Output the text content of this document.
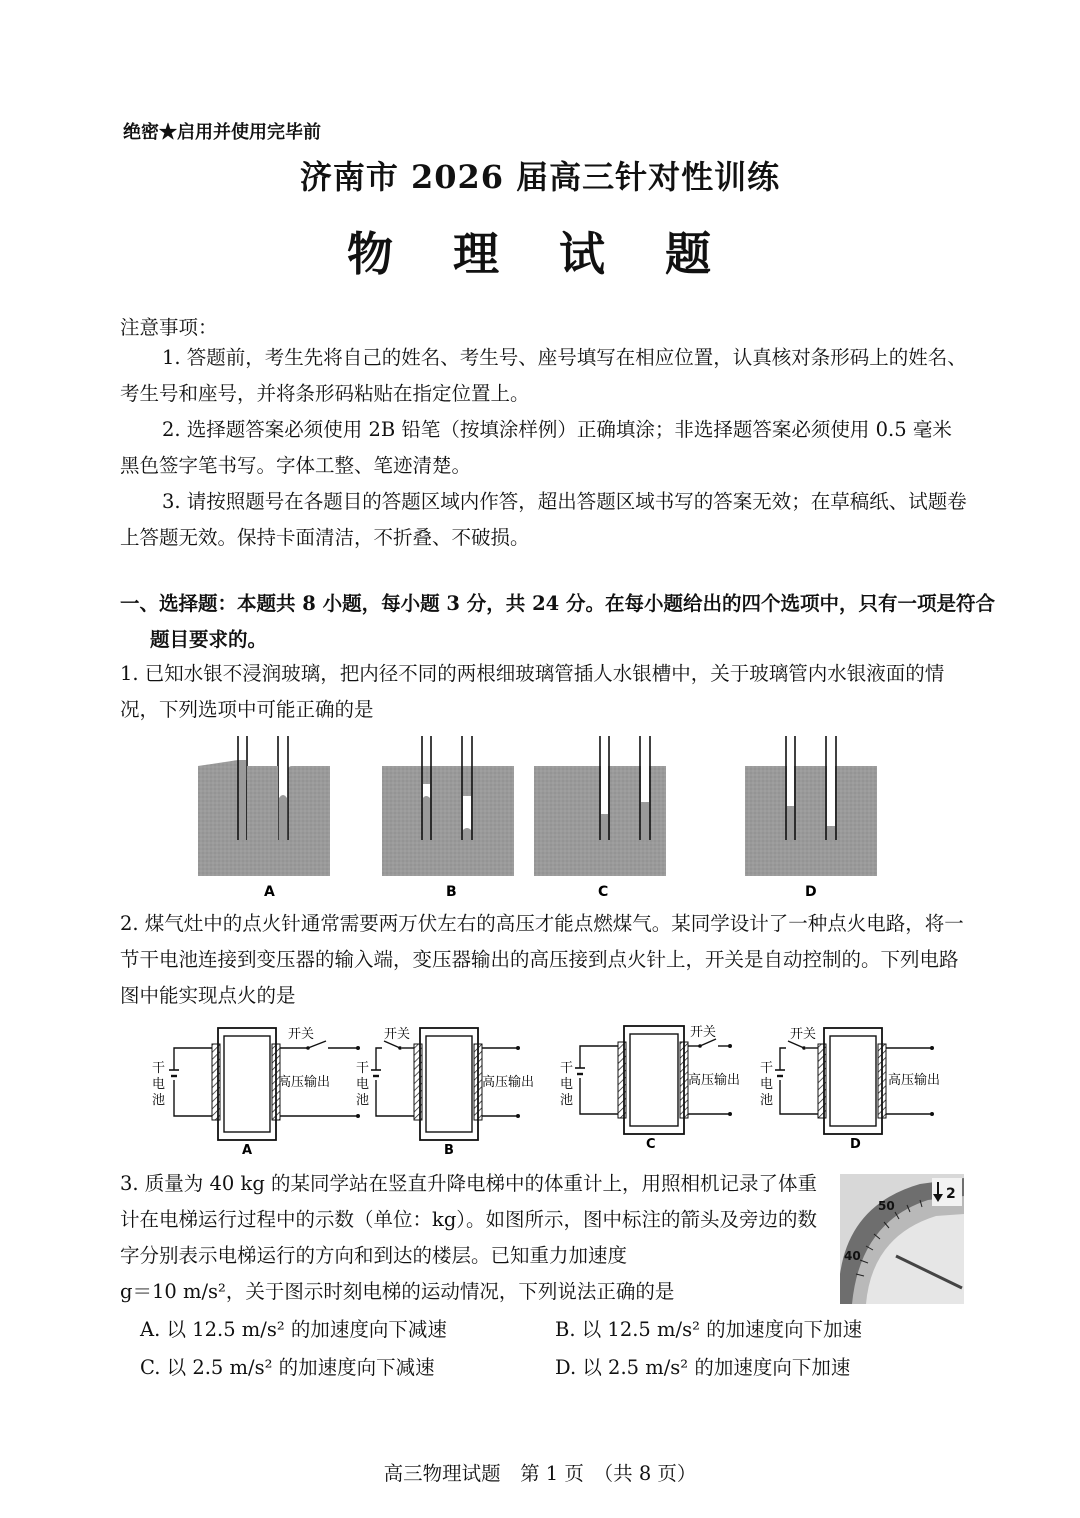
绝密★启用并使用完毕前
济南市 2026 届高三针对性训练
物 理 试 题
注意事项：
1. 答题前，考生先将自己的姓名、考生号、座号填写在相应位置，认真核对条形码上的姓名、考生号和座号，并将条形码粘贴在指定位置上。
2. 选择题答案必须使用 2B 铅笔（按填涂样例）正确填涂；非选择题答案必须使用 0.5 毫米黑色签字笔书写。字体工整、笔迹清楚。
3. 请按照题号在各题目的答题区域内作答，超出答题区域书写的答案无效；在草稿纸、试题卷上答题无效。保持卡面清洁，不折叠、不破损。
一、选择题：本题共 8 小题，每小题 3 分，共 24 分。在每小题给出的四个选项中，只有一项是符合题目要求的。
1. 已知水银不浸润玻璃，把内径不同的两根细玻璃管插人水银槽中，关于玻璃管内水银液面的情况，下列选项中可能正确的是
A	B	C	D
2. 煤气灶中的点火针通常需要两万伏左右的高压才能点燃煤气。某同学设计了一种点火电路，将一节干电池连接到变压器的输入端，变压器输出的高压接到点火针上，开关是自动控制的。下列电路图中能实现点火的是
开关
高压输出
干
电
池
A
开关
高压输出
干
电
池
B
开关
高压输出
干
电
池
C
开关
高压输出
干
电
池
D
3. 质量为 40 kg 的某同学站在竖直升降电梯中的体重计上，用照相机记录了体重计在电梯运行过程中的示数（单位：kg）。如图所示，图中标注的箭头及旁边的数字分别表示电梯运行的方向和到达的楼层。已知重力加速度
g＝10 m/s²，关于图示时刻电梯的运动情况，下列说法正确的是
40
50
2
A. 以 12.5 m/s² 的加速度向下减速	B. 以 12.5 m/s² 的加速度向下加速
C. 以 2.5 m/s² 的加速度向下减速	D. 以 2.5 m/s² 的加速度向下加速
高三物理试题　第 1 页　（共 8 页）
